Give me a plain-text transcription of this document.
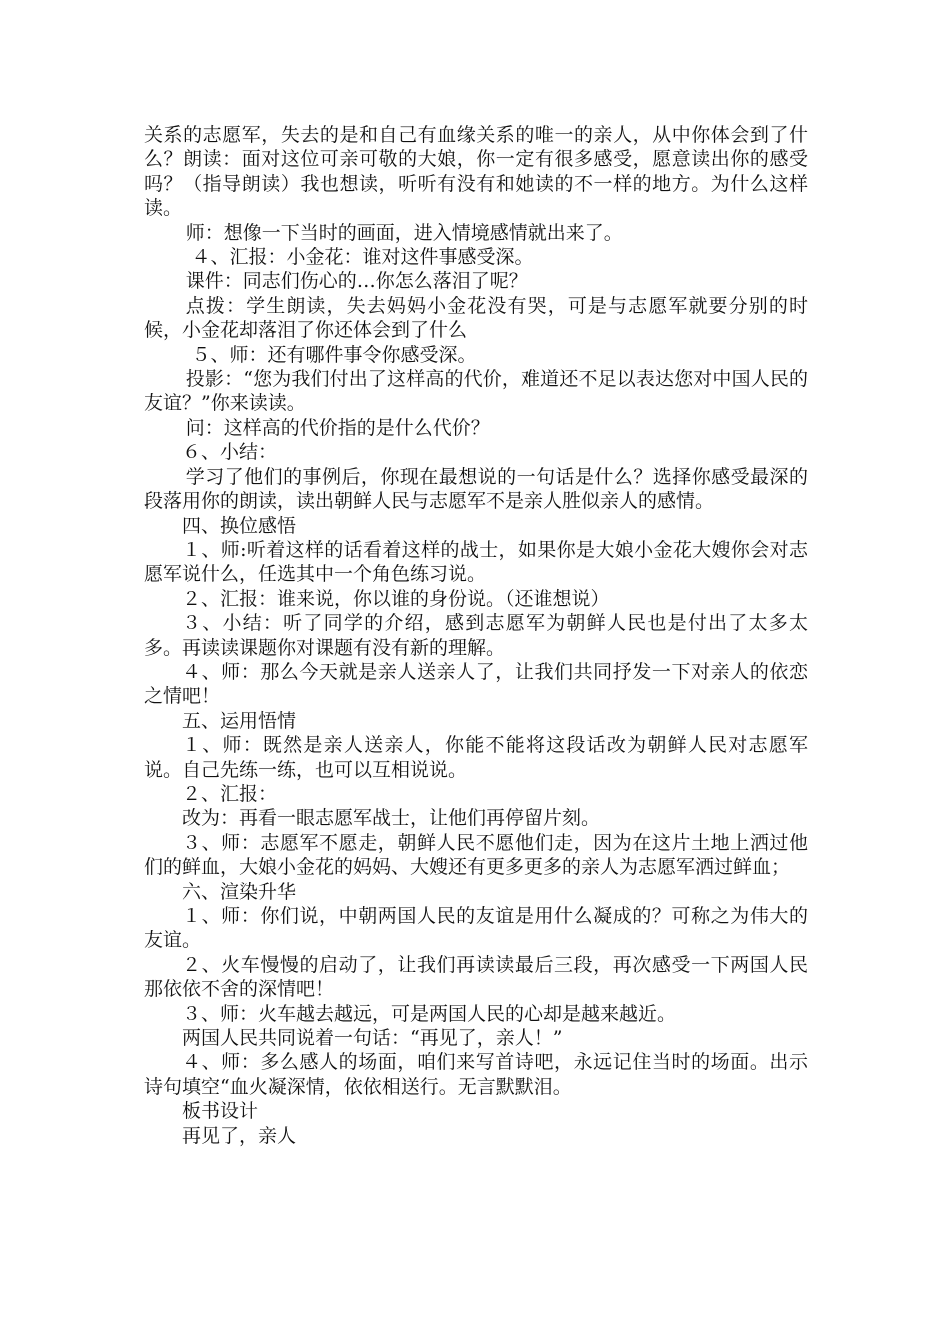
关系的志愿军，失去的是和自己有血缘关系的唯一的亲人，从中你体会到了什么？朗读：面对这位可亲可敬的大娘，你一定有很多感受，愿意读出你的感受吗？（指导朗读）我也想读，听听有没有和她读的不一样的地方。为什么这样读。

师：想像一下当时的画面，进入情境感情就出来了。

４、汇报：小金花：谁对这件事感受深。

课件：同志们伤心的…你怎么落泪了呢？

点拨：学生朗读，失去妈妈小金花没有哭，可是与志愿军就要分别的时候，小金花却落泪了你还体会到了什么

５、师：还有哪件事令你感受深。

投影：“您为我们付出了这样高的代价，难道还不足以表达您对中国人民的友谊？”你来读读。

问：这样高的代价指的是什么代价？

６、小结：

学习了他们的事例后，你现在最想说的一句话是什么？选择你感受最深的段落用你的朗读，读出朝鲜人民与志愿军不是亲人胜似亲人的感情。

四、换位感悟

１、师:听着这样的话看着这样的战士，如果你是大娘小金花大嫂你会对志愿军说什么，任选其中一个角色练习说。

２、汇报：谁来说，你以谁的身份说。（还谁想说）

３、小结：听了同学的介绍，感到志愿军为朝鲜人民也是付出了太多太多。再读读课题你对课题有没有新的理解。

４、师：那么今天就是亲人送亲人了，让我们共同抒发一下对亲人的依恋之情吧！

五、运用悟情

１、师：既然是亲人送亲人，你能不能将这段话改为朝鲜人民对志愿军说。自己先练一练，也可以互相说说。

２、汇报：

改为：再看一眼志愿军战士，让他们再停留片刻。

３、师：志愿军不愿走，朝鲜人民不愿他们走，因为在这片土地上洒过他们的鲜血，大娘小金花的妈妈、大嫂还有更多更多的亲人为志愿军洒过鲜血；

六、渲染升华

１、师：你们说，中朝两国人民的友谊是用什么凝成的？可称之为伟大的友谊。

２、火车慢慢的启动了，让我们再读读最后三段，再次感受一下两国人民那依依不舍的深情吧！

３、师：火车越去越远，可是两国人民的心却是越来越近。

两国人民共同说着一句话：“再见了，亲人！”

４、师：多么感人的场面，咱们来写首诗吧，永远记住当时的场面。出示诗句填空“血火凝深情，依依相送行。无言默默泪。

板书设计

再见了，亲人
